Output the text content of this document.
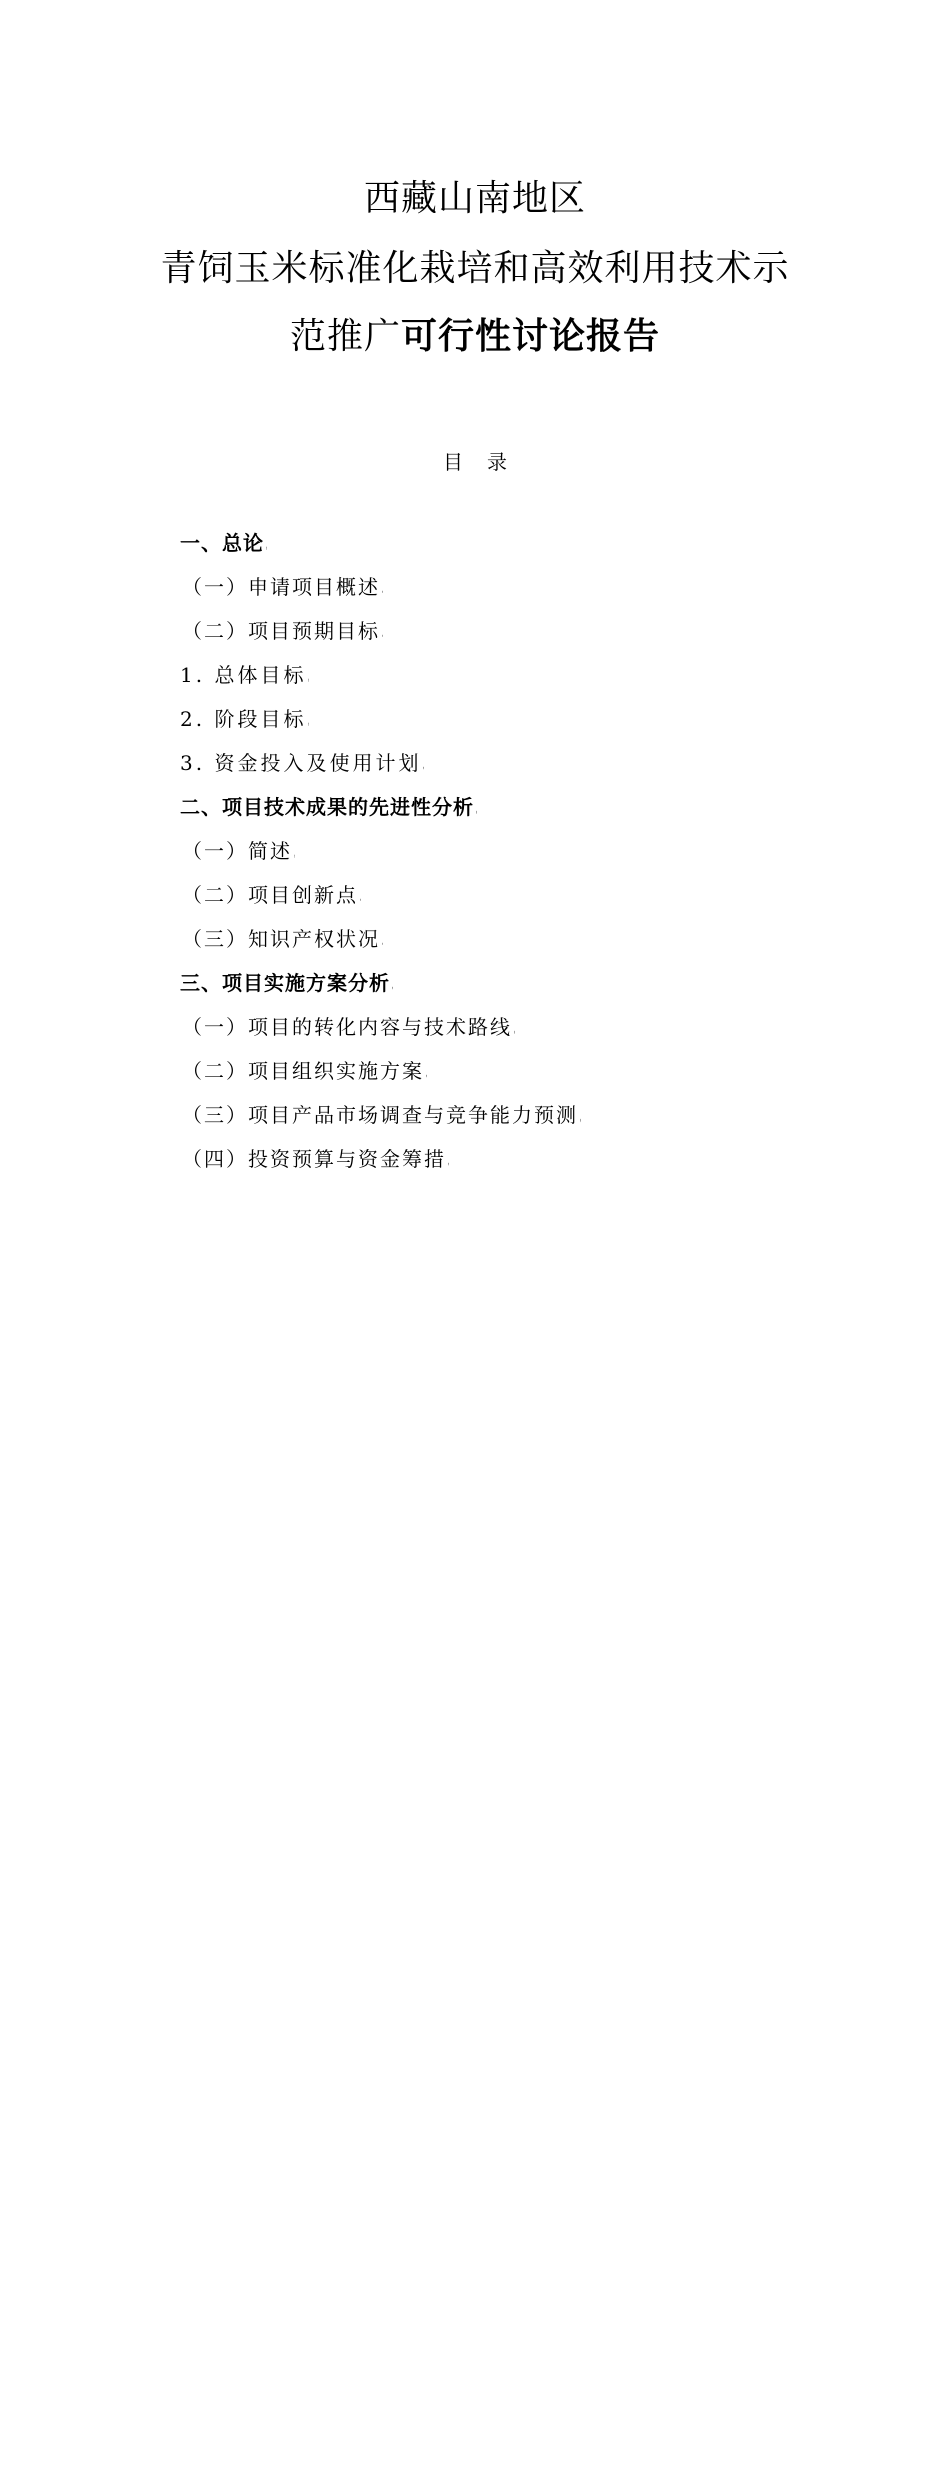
西藏山南地区
青饲玉米标准化栽培和高效利用技术示
范推广可行性讨论报告
目录
一、总论 …………………………………………………………
（一）申请项目概述 ……………………………………………
（二）项目预期目标 …………………………………………
1. 总体目标 ……………………………………………………..
2. 阶段目标 …………………………………………………….
3. 资金投入及使用计划 …………………………………….
二、项目技术成果的先进性分析 …………………………
（一）简述 …………………………………………………
（二）项目创新点 ……………………………………………
（三）知识产权状况 …………………………………………
三、项目实施方案分析 ……………………………………..
（一）项目的转化内容与技术路线 …………………………
（二）项目组织实施方案 ……………………………………
（三）项目产品市场调查与竞争能力预测 ……………………
（四）投资预算与资金筹措 …………………………………
